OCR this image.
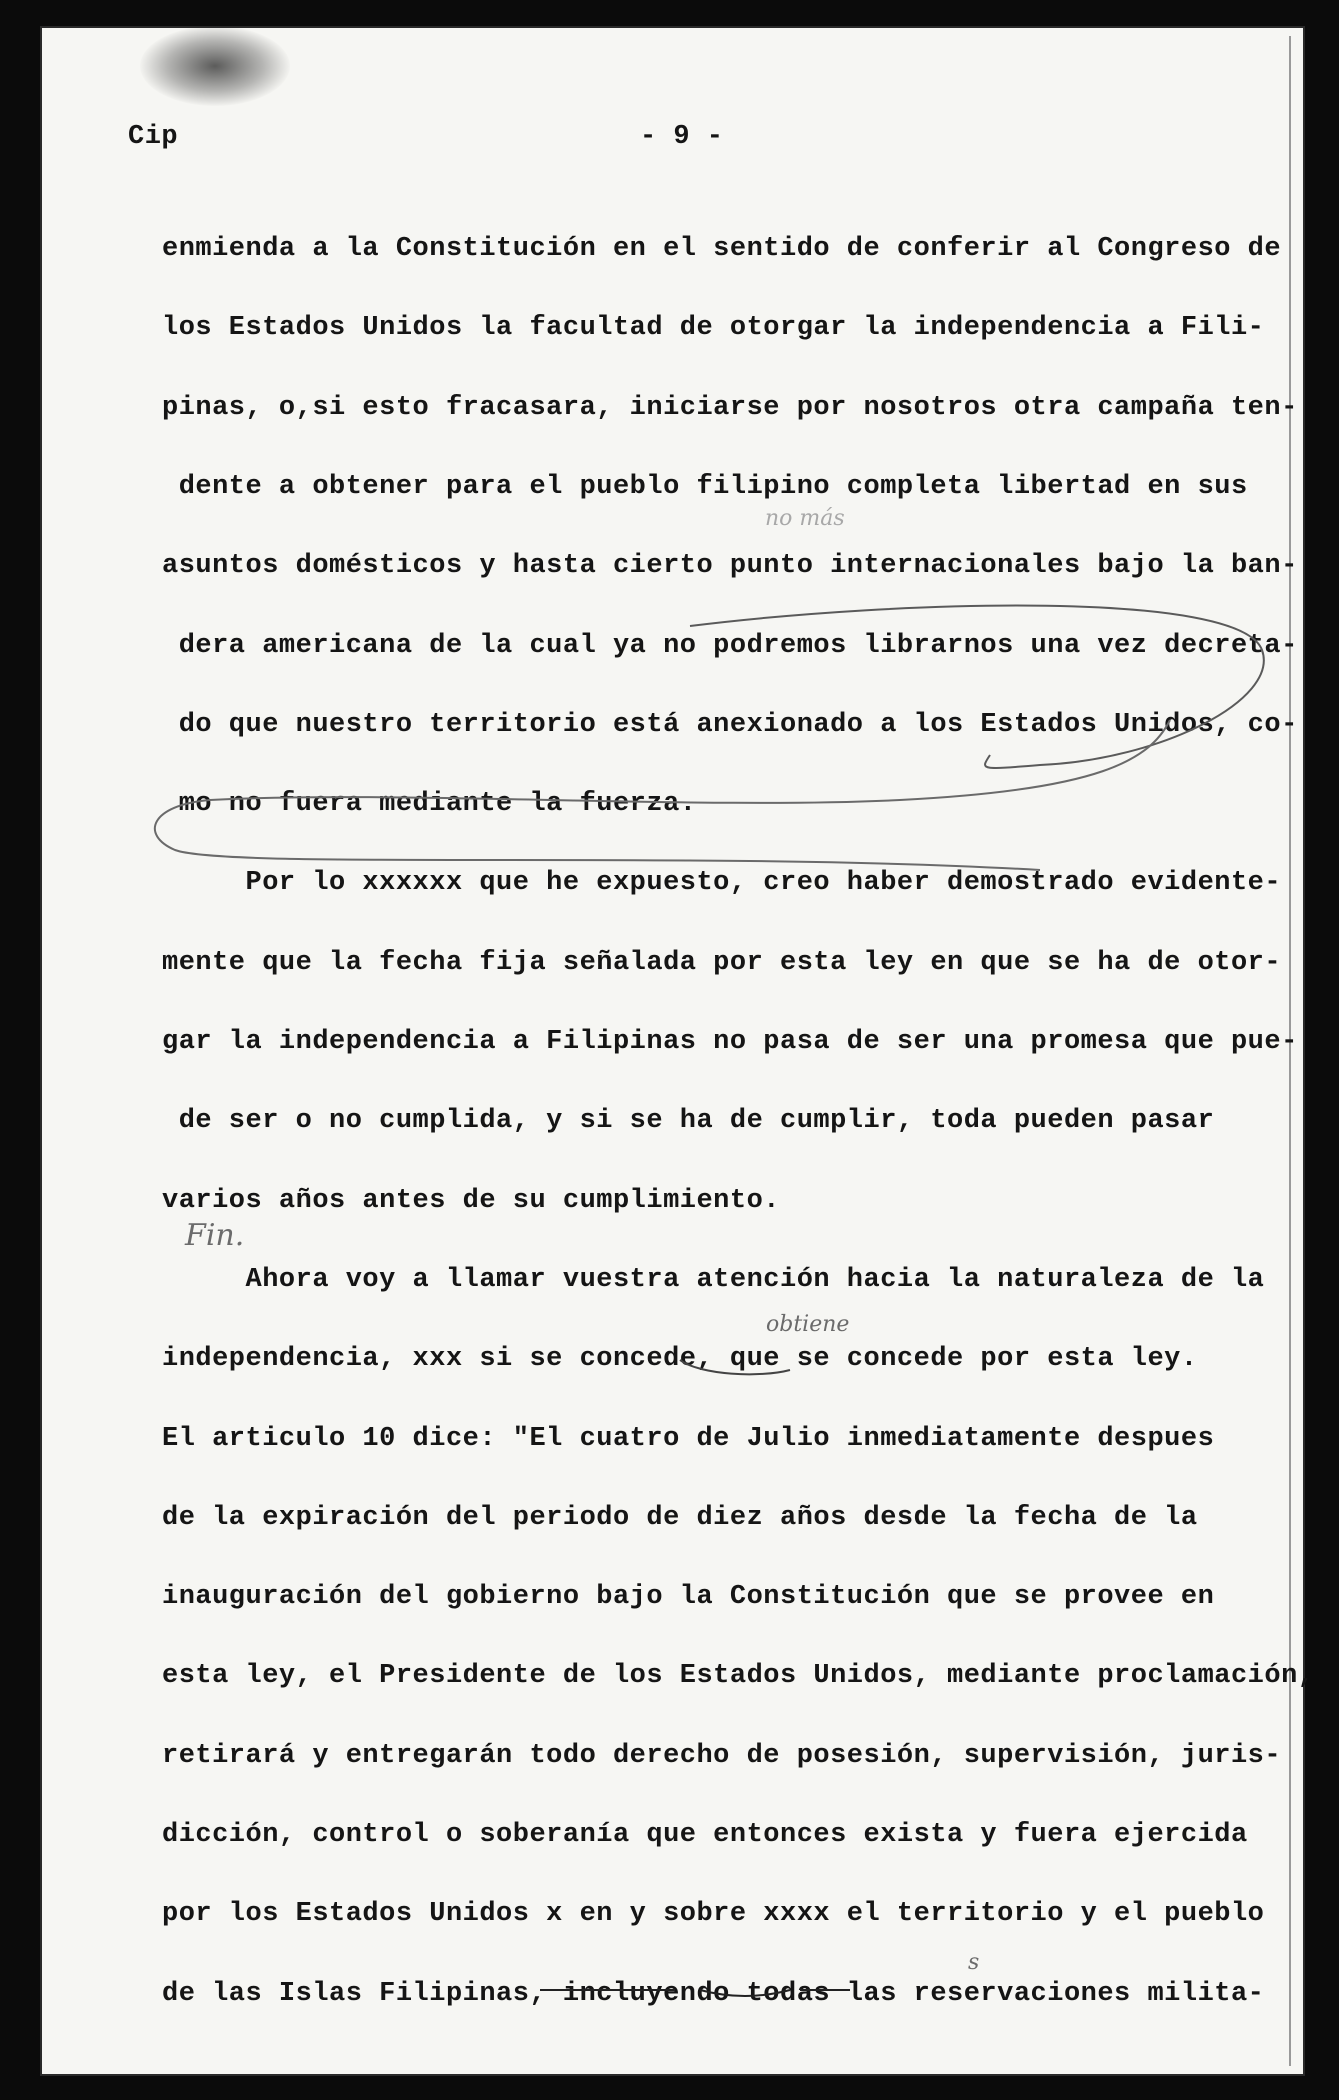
Cip	- 9 -
enmienda a la Constitución en el sentido de conferir al Congreso de
los Estados Unidos la facultad de otorgar la independencia a Fili-
pinas, o,si esto fracasara, iniciarse por nosotros otra campaña ten-
dente a obtener para el pueblo filipino completa libertad en sus
asuntos domésticos y hasta cierto punto internacionales bajo la ban-
dera americana de la cual ya no podremos librarnos una vez decreta-
do que nuestro territorio está anexionado a los Estados Unidos, co-
mo no fuera mediante la fuerza.
Por lo xxxxxx que he expuesto, creo haber demostrado evidente-
mente que la fecha fija señalada por esta ley en que se ha de otor-
gar la independencia a Filipinas no pasa de ser una promesa que pue-
de ser o no cumplida, y si se ha de cumplir, toda pueden pasar
varios años antes de su cumplimiento.
Ahora voy a llamar vuestra atención hacia la naturaleza de la
independencia, xxx si se concede, que se concede por esta ley.
El articulo 10 dice: "El cuatro de Julio inmediatamente despues
de la expiración del periodo de diez años desde la fecha de la
inauguración del gobierno bajo la Constitución que se provee en
esta ley, el Presidente de los Estados Unidos, mediante proclamación,
retirará y entregarán todo derecho de posesión, supervisión, juris-
dicción, control o soberanía que entonces exista y fuera ejercida
por los Estados Unidos x en y sobre xxxx el territorio y el pueblo
de las Islas Filipinas, incluyendo todas las reservaciones milita-
obtiene
no más
Fin.
s
